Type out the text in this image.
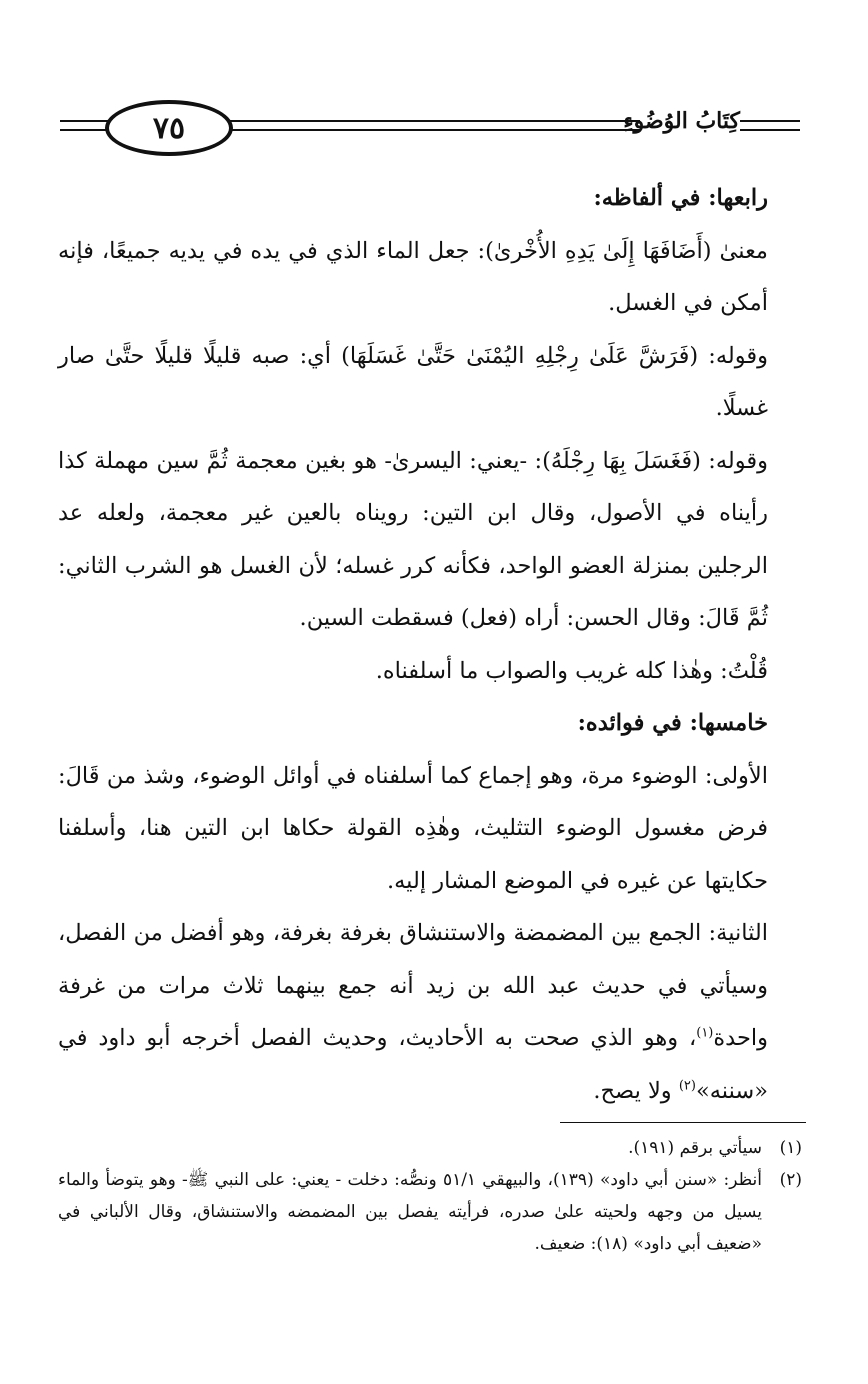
٧٥	كِتَابُ الوُضُوءِ

رابعها: في ألفاظه:

معنىٰ (أَضَافَهَا إِلَىٰ يَدِهِ الأُخْرىٰ): جعل الماء الذي في يده في يديه جميعًا، فإنه أمكن في الغسل.

وقوله: (فَرَشَّ عَلَىٰ رِجْلِهِ اليُمْنَىٰ حَتَّىٰ غَسَلَهَا) أي: صبه قليلًا قليلًا حتَّىٰ صار غسلًا.

وقوله: (فَغَسَلَ بِهَا رِجْلَهُ): -يعني: اليسرىٰ- هو بغين معجمة ثُمَّ سين مهملة كذا رأيناه في الأصول، وقال ابن التين: رويناه بالعين غير معجمة، ولعله عد الرجلين بمنزلة العضو الواحد، فكأنه كرر غسله؛ لأن الغسل هو الشرب الثاني: ثُمَّ قَالَ: وقال الحسن: أراه (فعل) فسقطت السين.

قُلْتُ: وهٰذا كله غريب والصواب ما أسلفناه.

خامسها: في فوائده:

الأولى: الوضوء مرة، وهو إجماع كما أسلفناه في أوائل الوضوء، وشذ من قَالَ: فرض مغسول الوضوء التثليث، وهٰذِه القولة حكاها ابن التين هنا، وأسلفنا حكايتها عن غيره في الموضع المشار إليه.

الثانية: الجمع بين المضمضة والاستنشاق بغرفة بغرفة، وهو أفضل من الفصل، وسيأتي في حديث عبد الله بن زيد أنه جمع بينهما ثلاث مرات من غرفة واحدة$^{(١)}$، وهو الذي صحت به الأحاديث، وحديث الفصل أخرجه أبو داود في «سننه»$^{(٢)}$ ولا يصح.

(١)
سيأتي برقم (١٩١).
(٢)
أنظر: «سنن أبي داود» (١٣٩)، والبيهقي ٥١/١ ونصُّه: دخلت - يعني: على النبي ﷺ- وهو يتوضأ والماء يسيل من وجهه ولحيته علىٰ صدره، فرأيته يفصل بين المضمضه والاستنشاق، وقال الألباني في «ضعيف أبي داود» (١٨): ضعيف.
